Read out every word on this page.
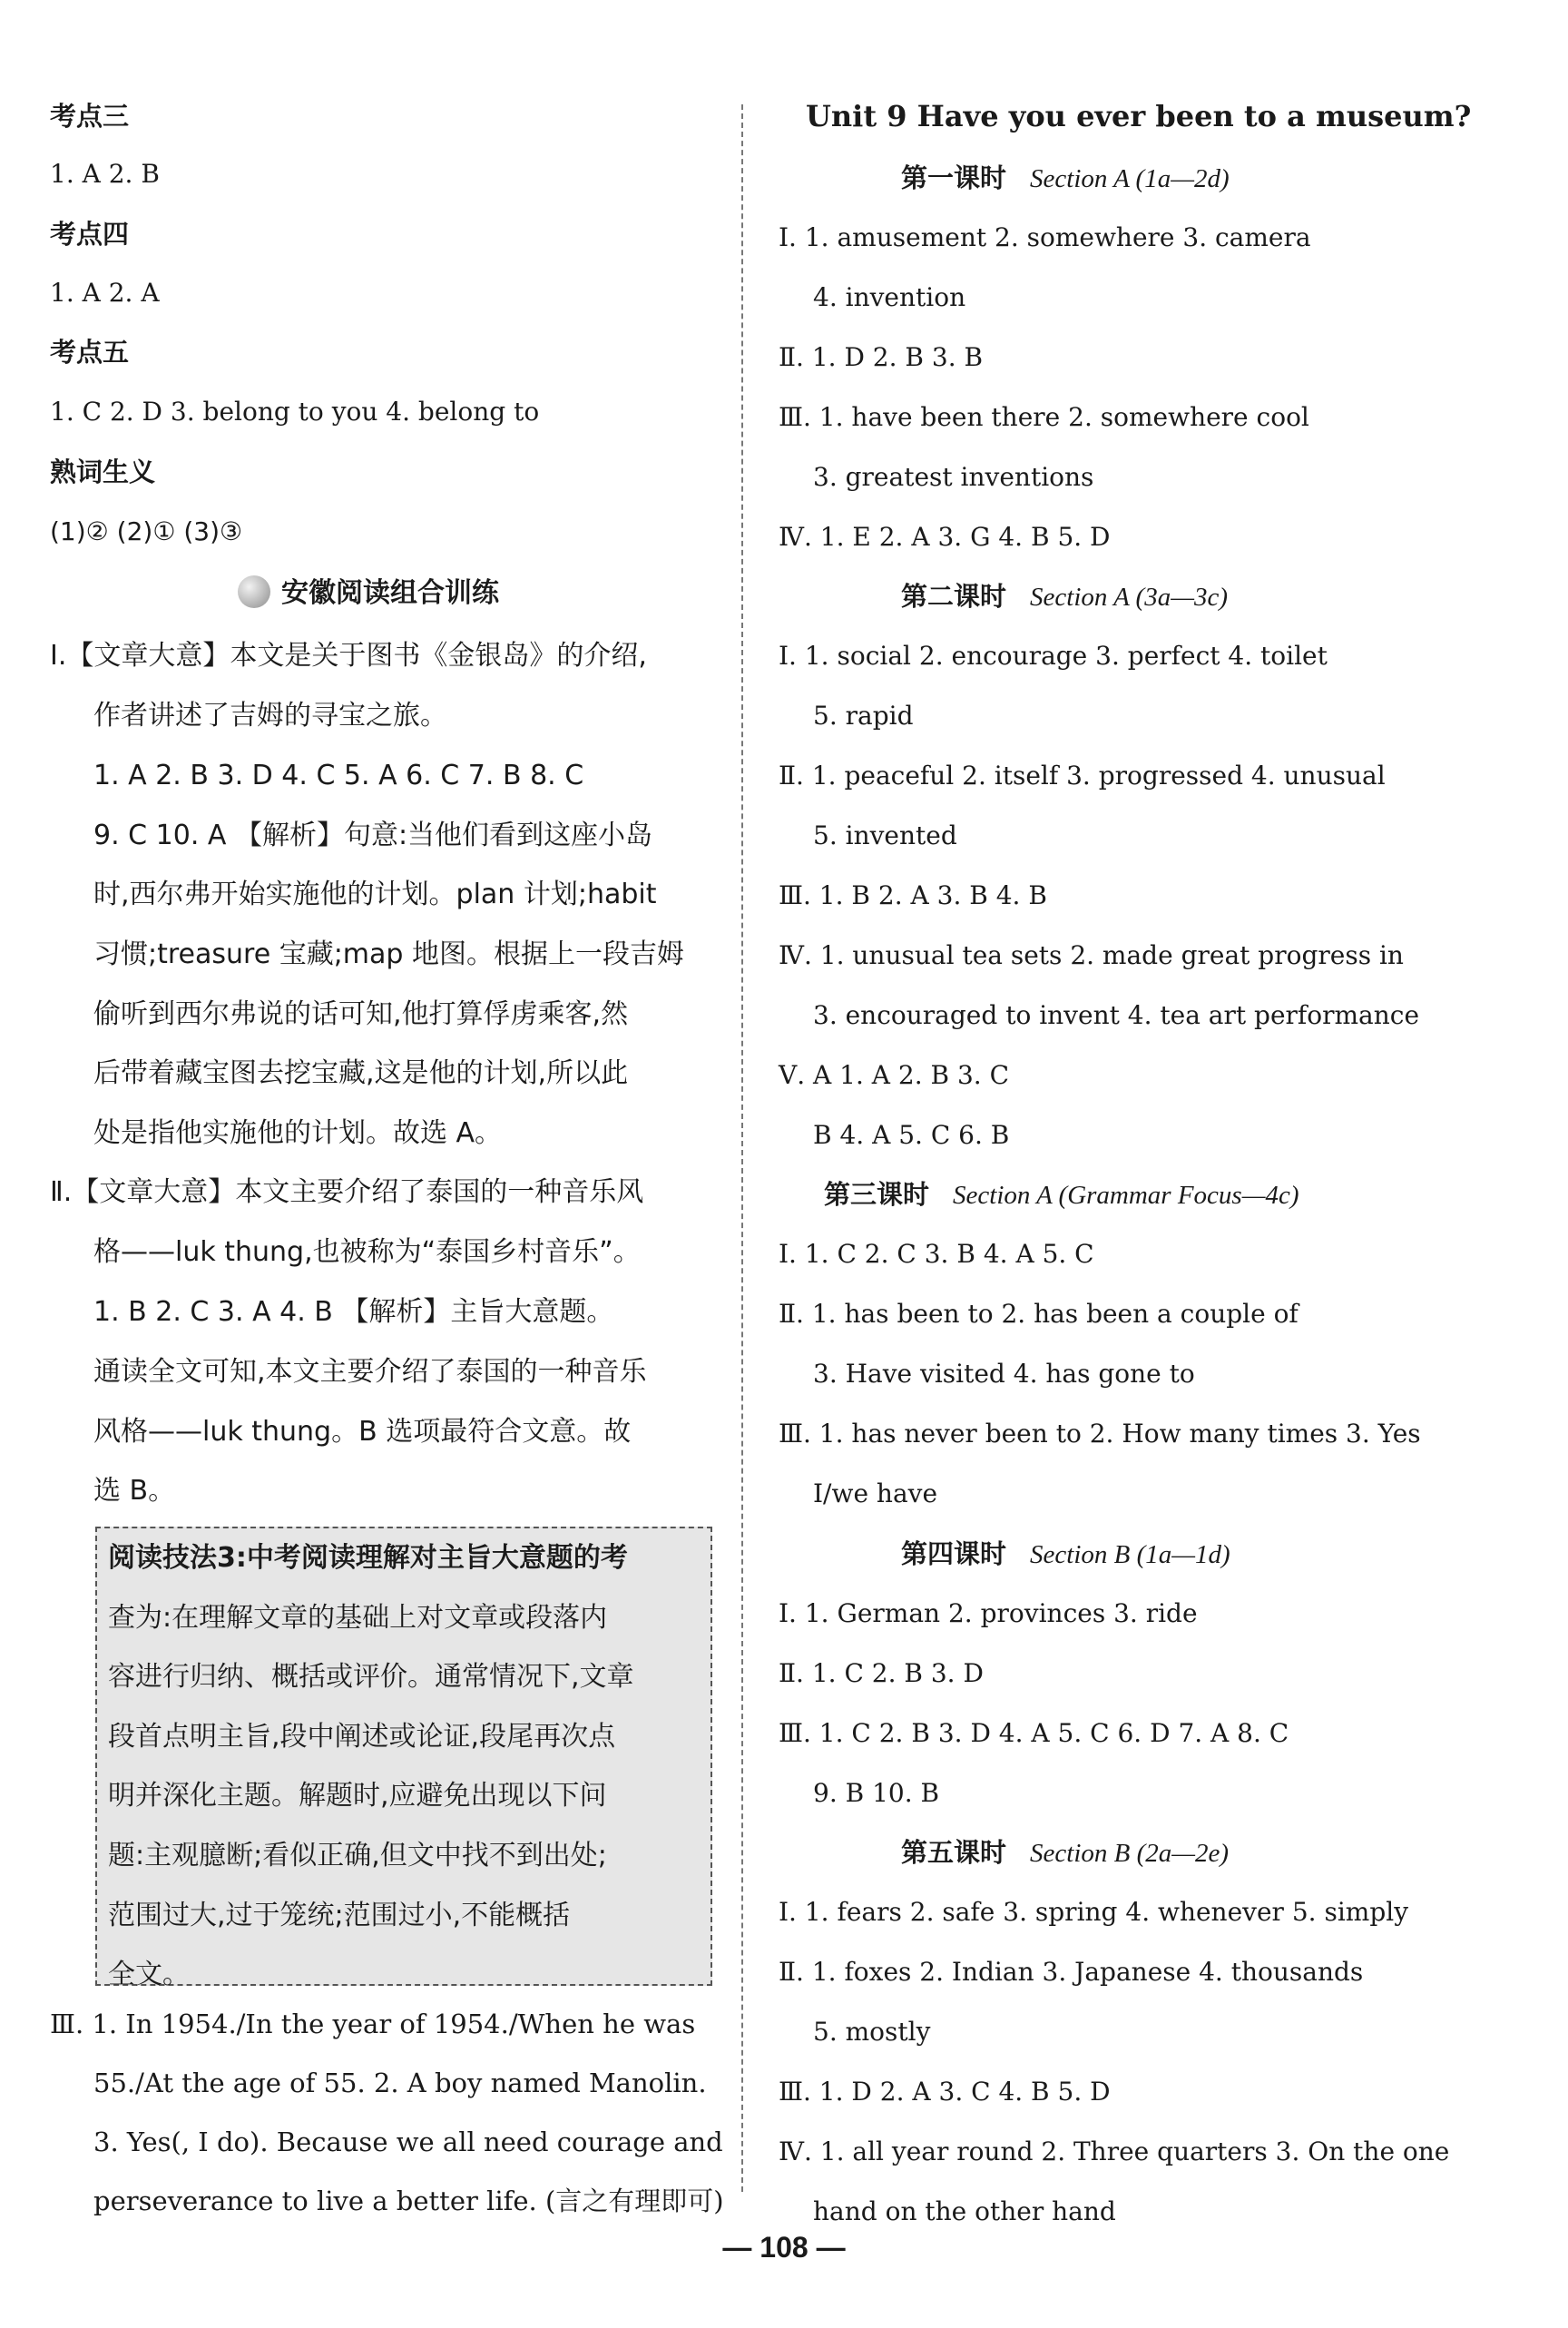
考点三
1. A 2. B
考点四
1. A 2. A
考点五
1. C 2. D 3. belong to you 4. belong to
熟词生义
(1)② (2)① (3)③
安徽阅读组合训练
Ⅰ.【文章大意】本文是关于图书《金银岛》的介绍,
作者讲述了吉姆的寻宝之旅。
1. A 2. B 3. D 4. C 5. A 6. C 7. B 8. C
9. C 10. A 【解析】句意:当他们看到这座小岛
时,西尔弗开始实施他的计划。plan 计划;habit
习惯;treasure 宝藏;map 地图。根据上一段吉姆
偷听到西尔弗说的话可知,他打算俘虏乘客,然
后带着藏宝图去挖宝藏,这是他的计划,所以此
处是指他实施他的计划。故选 A。
Ⅱ.【文章大意】本文主要介绍了泰国的一种音乐风
格——luk thung,也被称为“泰国乡村音乐”。
1. B 2. C 3. A 4. B 【解析】主旨大意题。
通读全文可知,本文主要介绍了泰国的一种音乐
风格——luk thung。B 选项最符合文意。故
选 B。
阅读技法3:中考阅读理解对主旨大意题的考
查为:在理解文章的基础上对文章或段落内
容进行归纳、概括或评价。通常情况下,文章
段首点明主旨,段中阐述或论证,段尾再次点
明并深化主题。解题时,应避免出现以下问
题:主观臆断;看似正确,但文中找不到出处;
范围过大,过于笼统;范围过小,不能概括
全文。
Ⅲ. 1. In 1954./In the year of 1954./When he was
55./At the age of 55. 2. A boy named Manolin.
3. Yes(, I do). Because we all need courage and
perseverance to live a better life. (言之有理即可)
Unit 9 Have you ever been to a museum?
第一课时 Section A (1a—2d)
Ⅰ. 1. amusement 2. somewhere 3. camera
4. invention
Ⅱ. 1. D 2. B 3. B
Ⅲ. 1. have been there 2. somewhere cool
3. greatest inventions
Ⅳ. 1. E 2. A 3. G 4. B 5. D
第二课时 Section A (3a—3c)
Ⅰ. 1. social 2. encourage 3. perfect 4. toilet
5. rapid
Ⅱ. 1. peaceful 2. itself 3. progressed 4. unusual
5. invented
Ⅲ. 1. B 2. A 3. B 4. B
Ⅳ. 1. unusual tea sets 2. made great progress in
3. encouraged to invent 4. tea art performance
Ⅴ. A 1. A 2. B 3. C
B 4. A 5. C 6. B
第三课时 Section A (Grammar Focus—4c)
Ⅰ. 1. C 2. C 3. B 4. A 5. C
Ⅱ. 1. has been to 2. has been a couple of
3. Have visited 4. has gone to
Ⅲ. 1. has never been to 2. How many times 3. Yes
I/we have
第四课时 Section B (1a—1d)
Ⅰ. 1. German 2. provinces 3. ride
Ⅱ. 1. C 2. B 3. D
Ⅲ. 1. C 2. B 3. D 4. A 5. C 6. D 7. A 8. C
9. B 10. B
第五课时 Section B (2a—2e)
Ⅰ. 1. fears 2. safe 3. spring 4. whenever 5. simply
Ⅱ. 1. foxes 2. Indian 3. Japanese 4. thousands
5. mostly
Ⅲ. 1. D 2. A 3. C 4. B 5. D
Ⅳ. 1. all year round 2. Three quarters 3. On the one
hand on the other hand
— 108 —
